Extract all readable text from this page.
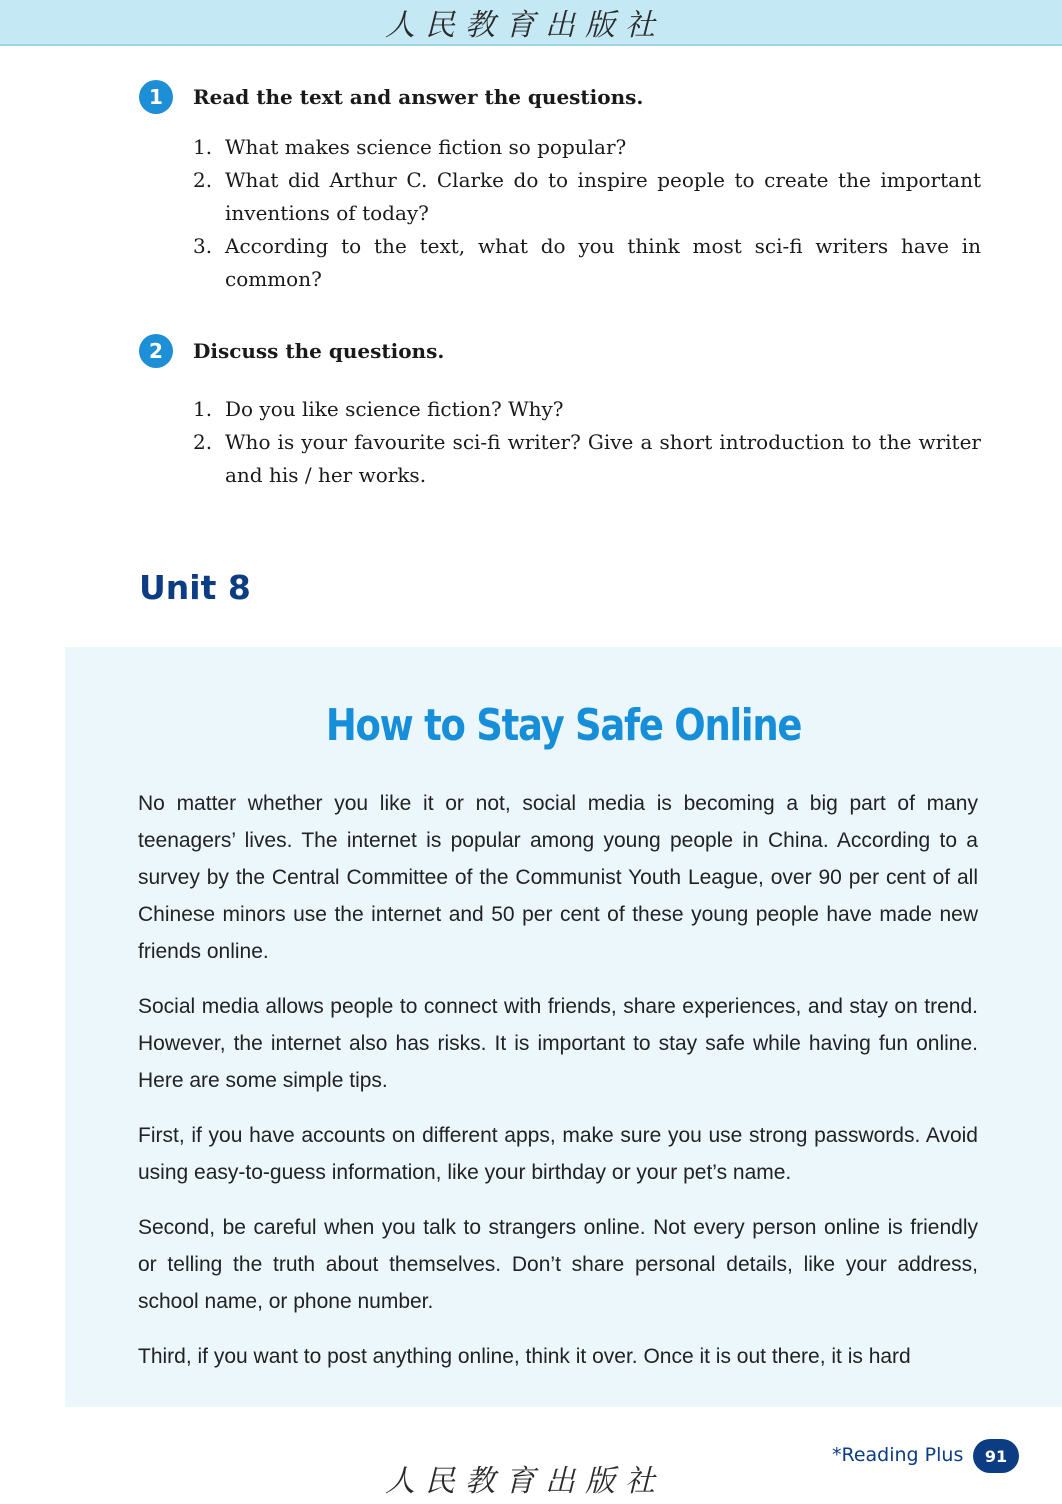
人民教育出版社
1	Read the text and answer the questions.
1. What makes science fiction so popular?
2. What did Arthur C. Clarke do to inspire people to create the important inventions of today?
3. According to the text, what do you think most sci-fi writers have in common?
2	Discuss the questions.
1. Do you like science fiction? Why?
2. Who is your favourite sci-fi writer? Give a short introduction to the writer and his / her works.
Unit 8
How to Stay Safe Online

No matter whether you like it or not, social media is becoming a big part of many teenagers’ lives. The internet is popular among young people in China. According to a survey by the Central Committee of the Communist Youth League, over 90 per cent of all Chinese minors use the internet and 50 per cent of these young people have made new friends online.

Social media allows people to connect with friends, share experiences, and stay on trend. However, the internet also has risks. It is important to stay safe while having fun online. Here are some simple tips.

First, if you have accounts on different apps, make sure you use strong passwords. Avoid using easy-to-guess information, like your birthday or your pet’s name.

Second, be careful when you talk to strangers online. Not every person online is friendly or telling the truth about themselves. Don’t share personal details, like your address, school name, or phone number.

Third, if you want to post anything online, think it over. Once it is out there, it is hard

*Reading Plus	91
人民教育出版社
